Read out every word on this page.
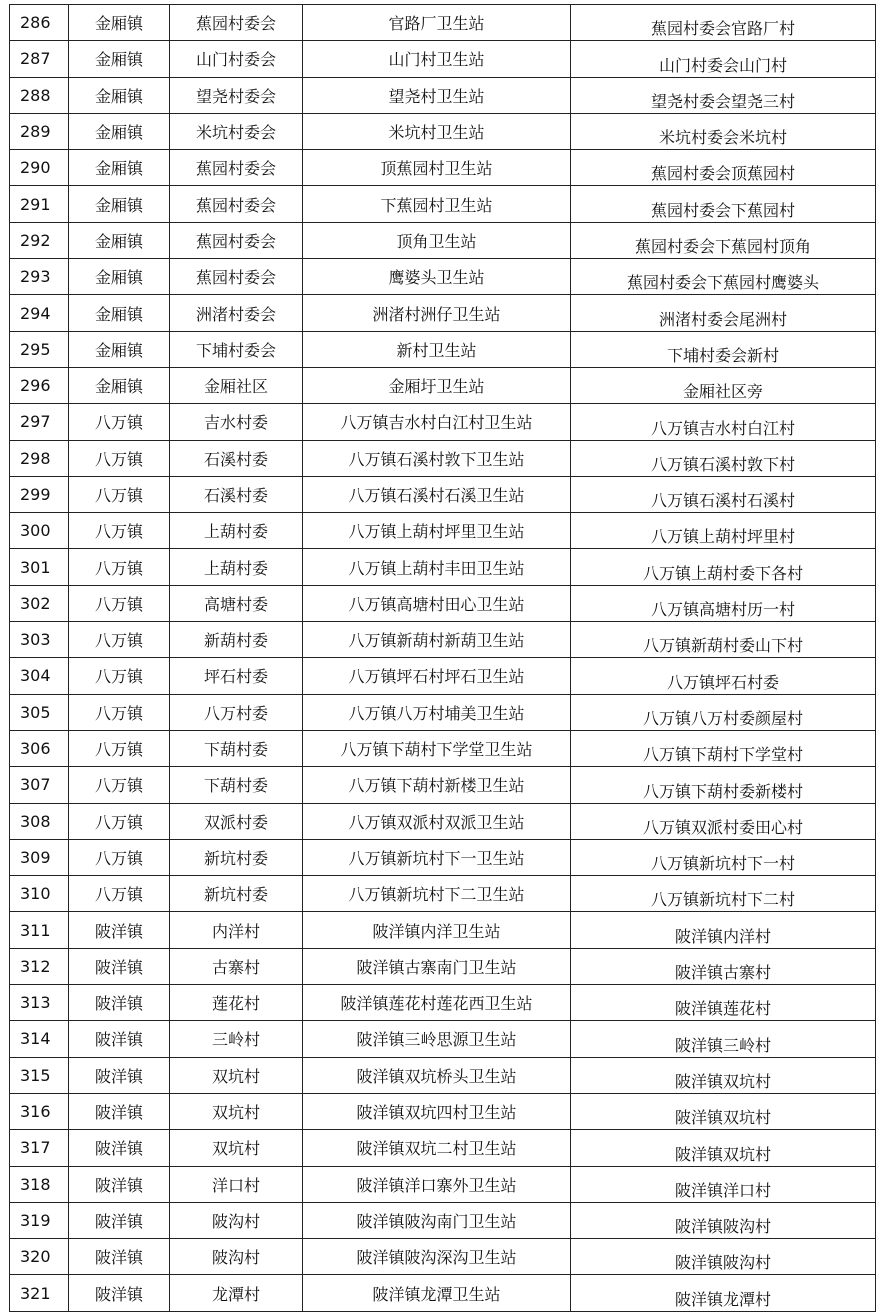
286	金厢镇	蕉园村委会	官路厂卫生站	蕉园村委会官路厂村
287	金厢镇	山门村委会	山门村卫生站	山门村委会山门村
288	金厢镇	望尧村委会	望尧村卫生站	望尧村委会望尧三村
289	金厢镇	米坑村委会	米坑村卫生站	米坑村委会米坑村
290	金厢镇	蕉园村委会	顶蕉园村卫生站	蕉园村委会顶蕉园村
291	金厢镇	蕉园村委会	下蕉园村卫生站	蕉园村委会下蕉园村
292	金厢镇	蕉园村委会	顶角卫生站	蕉园村委会下蕉园村顶角
293	金厢镇	蕉园村委会	鹰婆头卫生站	蕉园村委会下蕉园村鹰婆头
294	金厢镇	洲渚村委会	洲渚村洲仔卫生站	洲渚村委会尾洲村
295	金厢镇	下埔村委会	新村卫生站	下埔村委会新村
296	金厢镇	金厢社区	金厢圩卫生站	金厢社区旁
297	八万镇	吉水村委	八万镇吉水村白江村卫生站	八万镇吉水村白江村
298	八万镇	石溪村委	八万镇石溪村敦下卫生站	八万镇石溪村敦下村
299	八万镇	石溪村委	八万镇石溪村石溪卫生站	八万镇石溪村石溪村
300	八万镇	上葫村委	八万镇上葫村坪里卫生站	八万镇上葫村坪里村
301	八万镇	上葫村委	八万镇上葫村丰田卫生站	八万镇上葫村委下各村
302	八万镇	高塘村委	八万镇高塘村田心卫生站	八万镇高塘村历一村
303	八万镇	新葫村委	八万镇新葫村新葫卫生站	八万镇新葫村委山下村
304	八万镇	坪石村委	八万镇坪石村坪石卫生站	八万镇坪石村委
305	八万镇	八万村委	八万镇八万村埔美卫生站	八万镇八万村委颜屋村
306	八万镇	下葫村委	八万镇下葫村下学堂卫生站	八万镇下葫村下学堂村
307	八万镇	下葫村委	八万镇下葫村新楼卫生站	八万镇下葫村委新楼村
308	八万镇	双派村委	八万镇双派村双派卫生站	八万镇双派村委田心村
309	八万镇	新坑村委	八万镇新坑村下一卫生站	八万镇新坑村下一村
310	八万镇	新坑村委	八万镇新坑村下二卫生站	八万镇新坑村下二村
311	陂洋镇	内洋村	陂洋镇内洋卫生站	陂洋镇内洋村
312	陂洋镇	古寨村	陂洋镇古寨南门卫生站	陂洋镇古寨村
313	陂洋镇	莲花村	陂洋镇莲花村莲花西卫生站	陂洋镇莲花村
314	陂洋镇	三岭村	陂洋镇三岭思源卫生站	陂洋镇三岭村
315	陂洋镇	双坑村	陂洋镇双坑桥头卫生站	陂洋镇双坑村
316	陂洋镇	双坑村	陂洋镇双坑四村卫生站	陂洋镇双坑村
317	陂洋镇	双坑村	陂洋镇双坑二村卫生站	陂洋镇双坑村
318	陂洋镇	洋口村	陂洋镇洋口寨外卫生站	陂洋镇洋口村
319	陂洋镇	陂沟村	陂洋镇陂沟南门卫生站	陂洋镇陂沟村
320	陂洋镇	陂沟村	陂洋镇陂沟深沟卫生站	陂洋镇陂沟村
321	陂洋镇	龙潭村	陂洋镇龙潭卫生站	陂洋镇龙潭村
